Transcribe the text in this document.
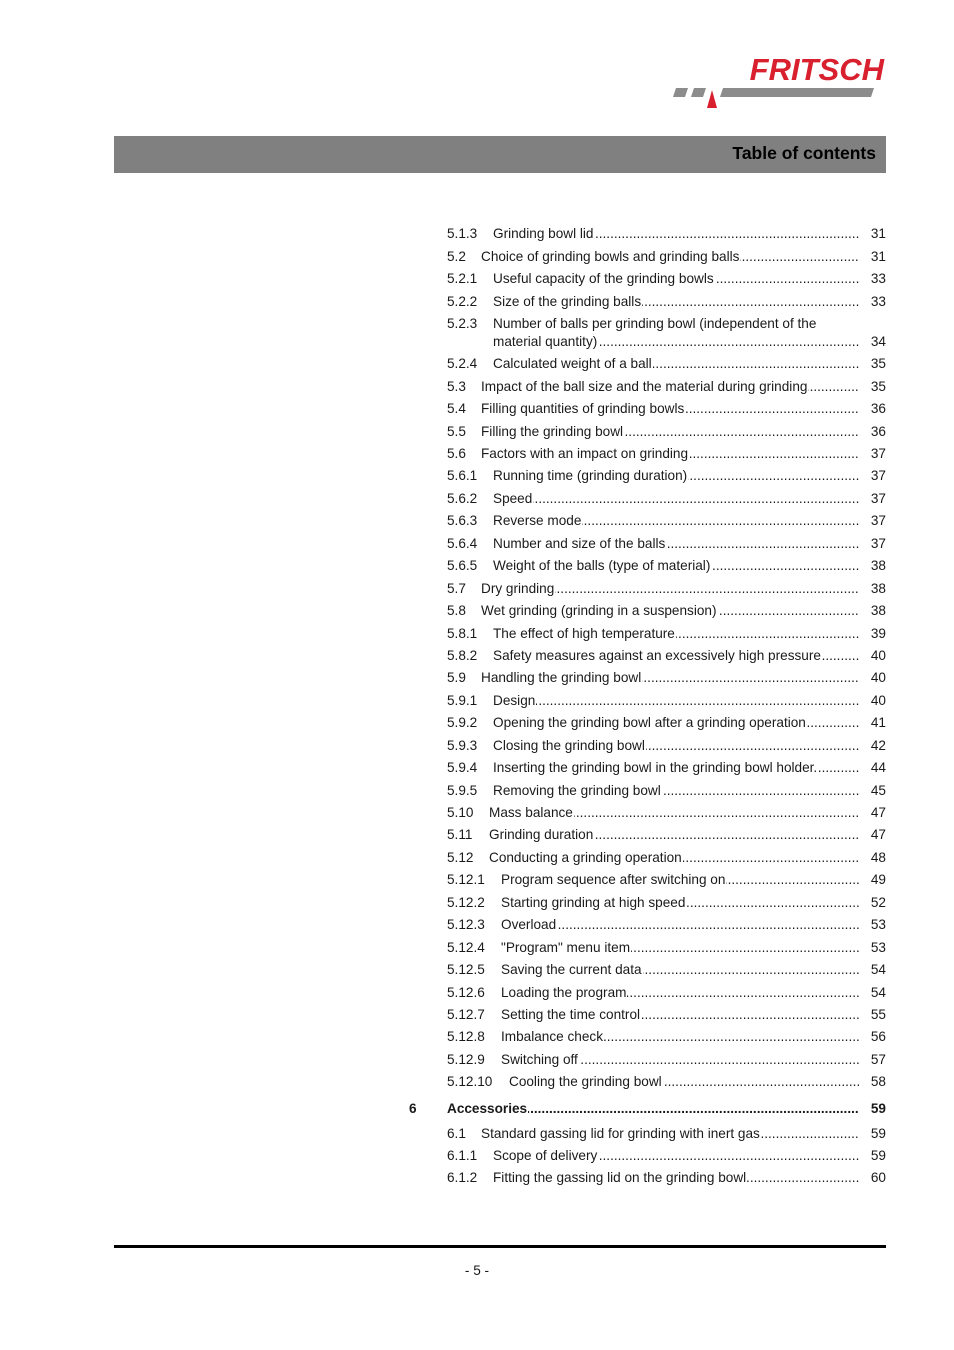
FRITSCH
Table of contents
5.1.3 Grinding bowl lid .....	31
5.2 Choice of grinding bowls and grinding balls .....	31
5.2.1 Useful capacity of the grinding bowls .....	33
5.2.2 Size of the grinding balls .....	33
5.2.3 Number of balls per grinding bowl (independent of the
material quantity) .....	34
5.2.4 Calculated weight of a ball .....	35
5.3 Impact of the ball size and the material during grinding .....	35
5.4 Filling quantities of grinding bowls .....	36
5.5 Filling the grinding bowl .....	36
5.6 Factors with an impact on grinding .....	37
5.6.1 Running time (grinding duration) .....	37
5.6.2 Speed .....	37
5.6.3 Reverse mode .....	37
5.6.4 Number and size of the balls .....	37
5.6.5 Weight of the balls (type of material) .....	38
5.7 Dry grinding .....	38
5.8 Wet grinding (grinding in a suspension) .....	38
5.8.1 The effect of high temperature .....	39
5.8.2 Safety measures against an excessively high pressure .....	40
5.9 Handling the grinding bowl .....	40
5.9.1 Design .....	40
5.9.2 Opening the grinding bowl after a grinding operation .....	41
5.9.3 Closing the grinding bowl .....	42
5.9.4 Inserting the grinding bowl in the grinding bowl holder. .....	44
5.9.5 Removing the grinding bowl .....	45
5.10 Mass balance .....	47
5.11 Grinding duration .....	47
5.12 Conducting a grinding operation .....	48
5.12.1 Program sequence after switching on .....	49
5.12.2 Starting grinding at high speed .....	52
5.12.3 Overload .....	53
5.12.4 "Program" menu item .....	53
5.12.5 Saving the current data .....	54
5.12.6 Loading the program .....	54
5.12.7 Setting the time control .....	55
5.12.8 Imbalance check .....	56
5.12.9 Switching off .....	57
5.12.10 Cooling the grinding bowl .....	58
6 Accessories .....	59
6.1 Standard gassing lid for grinding with inert gas .....	59
6.1.1 Scope of delivery .....	59
6.1.2 Fitting the gassing lid on the grinding bowl .....	60
- 5 -
